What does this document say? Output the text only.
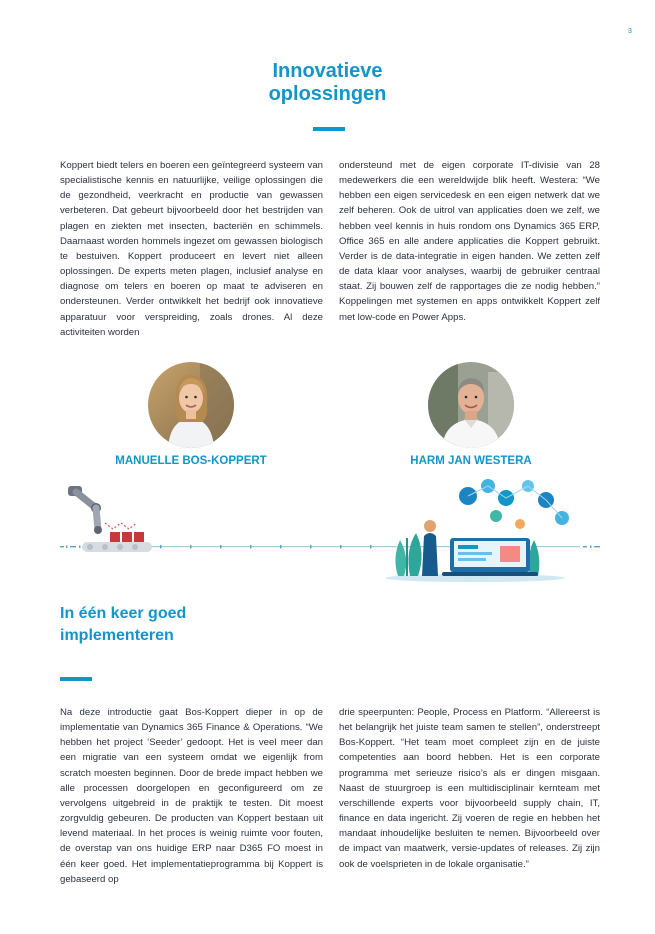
3
Innovatieve
oplossingen
Koppert biedt telers en boeren een geïntegreerd systeem van specialistische kennis en natuurlijke, veilige oplossingen die de gezondheid, veerkracht en productie van gewassen verbeteren. Dat gebeurt bijvoorbeeld door het bestrijden van plagen en ziekten met insecten, bacteriën en schimmels. Daarnaast worden hommels ingezet om gewassen biologisch te bestuiven. Koppert produceert en levert niet alleen oplossingen. De experts meten plagen, inclusief analyse en diagnose om telers en boeren op maat te adviseren en ondersteunen. Verder ontwikkelt het bedrijf ook innovatieve apparatuur voor verspreiding, zoals drones. Al deze activiteiten worden
ondersteund met de eigen corporate IT-divisie van 28 medewerkers die een wereldwijde blik heeft. Westera: “We hebben een eigen servicedesk en een eigen netwerk dat we zelf beheren. Ook de uitrol van applicaties doen we zelf, we hebben veel kennis in huis rondom ons Dynamics 365 ERP, Office 365 en alle andere applicaties die Koppert gebruikt. Verder is de data-integratie in eigen handen. We zetten zelf de data klaar voor analyses, waarbij de gebruiker centraal staat. Zij bouwen zelf de rapportages die ze nodig hebben.” Koppelingen met systemen en apps ontwikkelt Koppert zelf met low-code en Power Apps.
MANUELLE BOS-KOPPERT	HARM JAN WESTERA
In één keer goed
implementeren
Na deze introductie gaat Bos-Koppert dieper in op de implementatie van Dynamics 365 Finance & Operations. “We hebben het project ‘Seeder’ gedoopt. Het is veel meer dan een migratie van een systeem omdat we eigenlijk from scratch moesten beginnen. Door de brede impact hebben we alle processen doorgelopen en geconfigureerd om ze vervolgens uitgebreid in de praktijk te testen. Dit moest zorgvuldig gebeuren. De producten van Koppert bestaan uit levend materiaal. In het proces is weinig ruimte voor fouten, de overstap van ons huidige ERP naar D365 FO moest in één keer goed. Het implementatieprogramma bij Koppert is gebaseerd op
drie speerpunten: People, Process en Platform. “Allereerst is het belangrijk het juiste team samen te stellen”, onderstreept Bos-Koppert. “Het team moet compleet zijn en de juiste competenties aan boord hebben. Het is een corporate programma met serieuze risico’s als er dingen misgaan. Naast de stuurgroep is een multidisciplinair kernteam met verschillende experts voor bijvoorbeeld supply chain, IT, finance en data ingericht. Zij voeren de regie en hebben het mandaat inhoudelijke besluiten te nemen. Bijvoorbeeld over de impact van maatwerk, versie-updates of releases. Zij zijn ook de voelsprieten in de lokale organisatie.”
